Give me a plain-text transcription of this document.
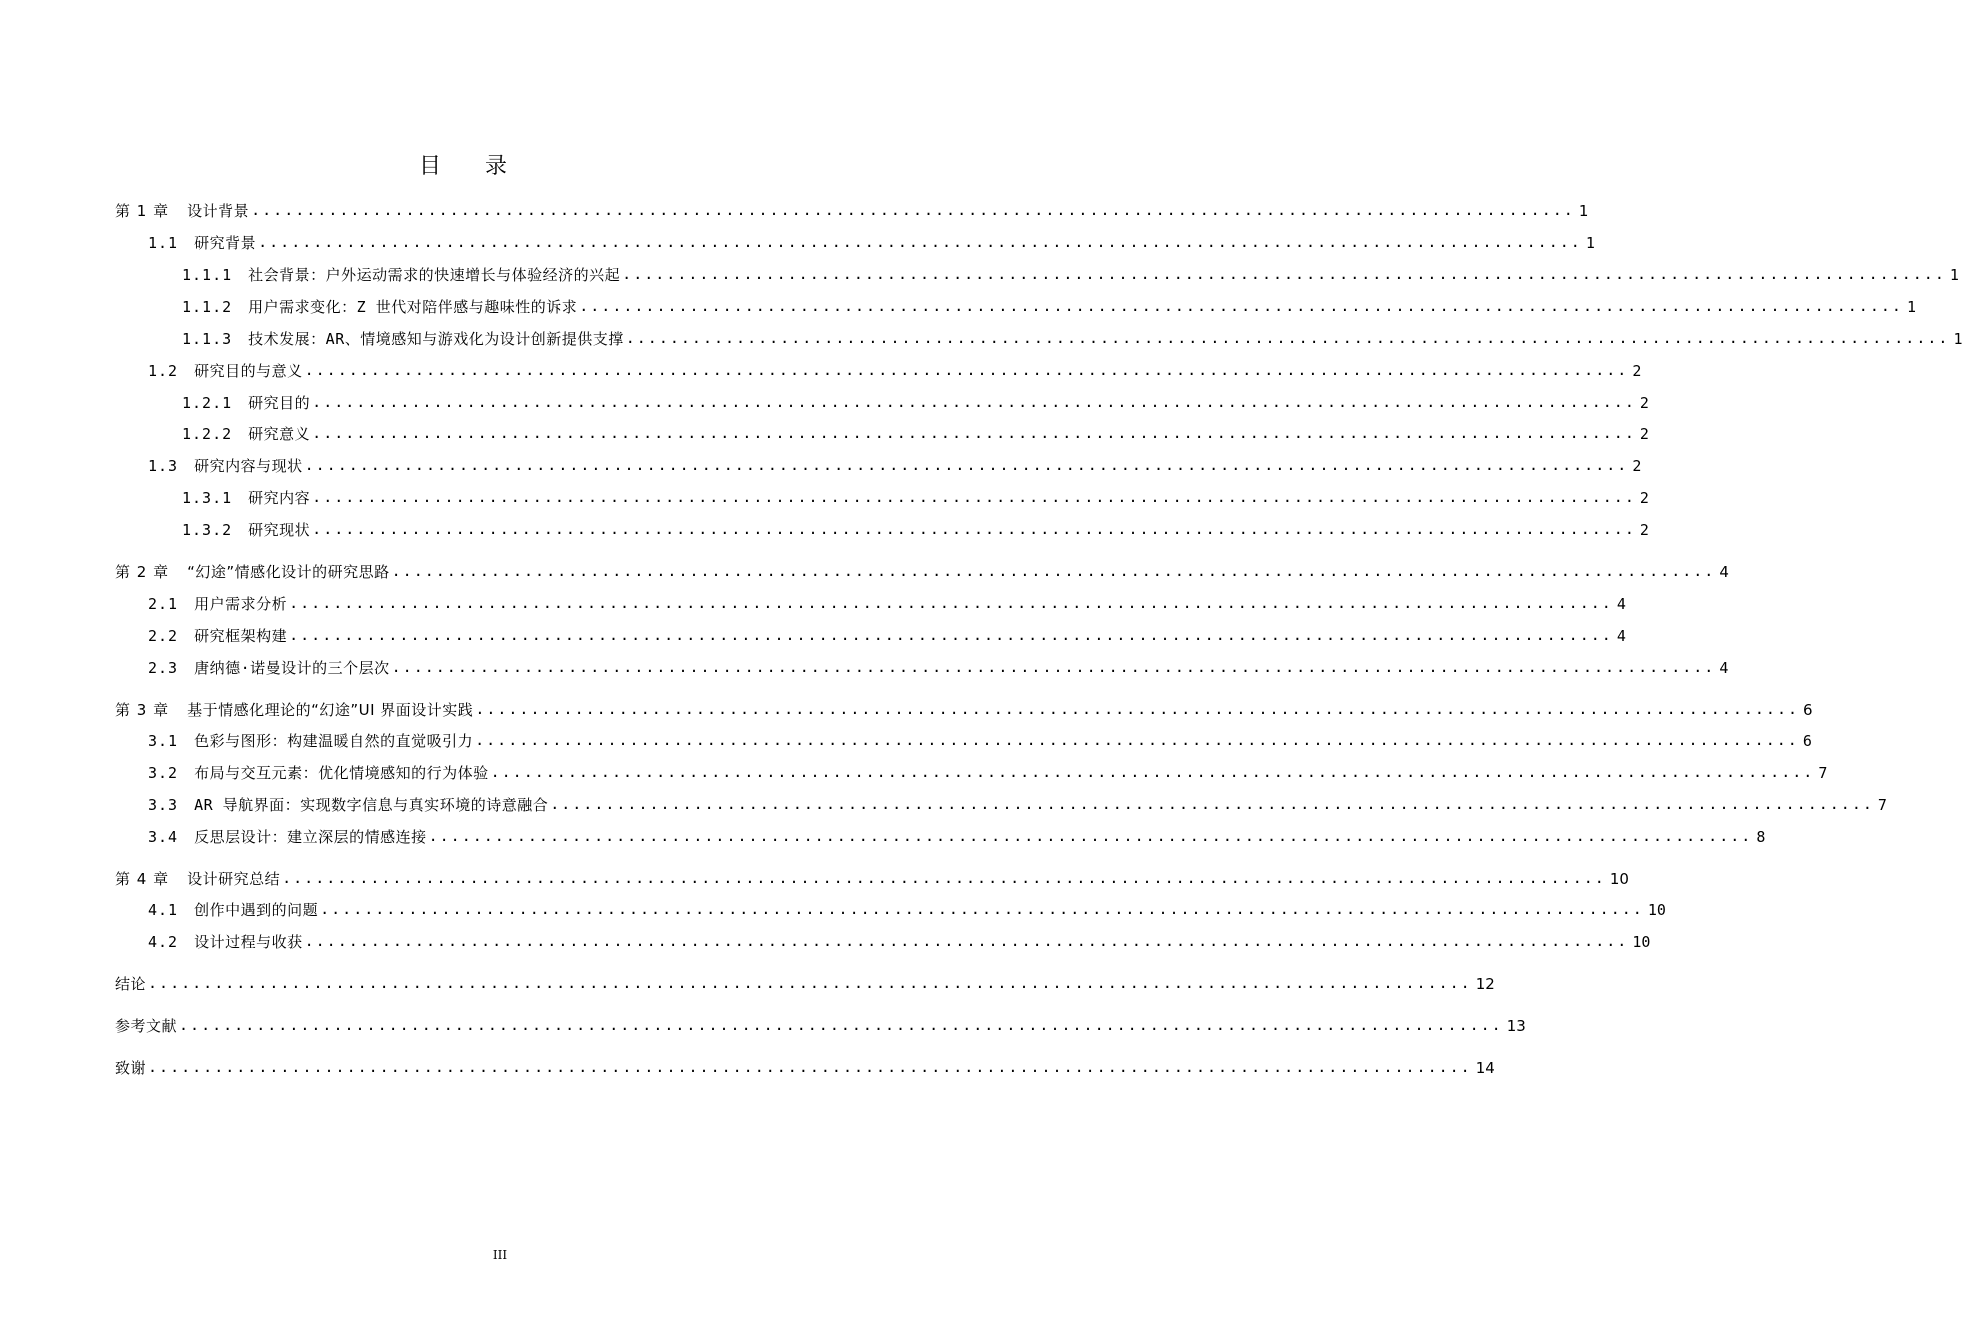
目录
第 1 章	设计背景 ........................................................................................................................ 1
1.1	研究背景 ........................................................................................................................ 1
1.1.1	社会背景：户外运动需求的快速增长与体验经济的兴起 ........................................................................................................................ 1
1.1.2	用户需求变化：Z 世代对陪伴感与趣味性的诉求 ........................................................................................................................ 1
1.1.3	技术发展：AR、情境感知与游戏化为设计创新提供支撑 ........................................................................................................................ 1
1.2	研究目的与意义 ........................................................................................................................ 2
1.2.1	研究目的 ........................................................................................................................ 2
1.2.2	研究意义 ........................................................................................................................ 2
1.3	研究内容与现状 ........................................................................................................................ 2
1.3.1	研究内容 ........................................................................................................................ 2
1.3.2	研究现状 ........................................................................................................................ 2
第 2 章	“幻途”情感化设计的研究思路 ........................................................................................................................ 4
2.1	用户需求分析 ........................................................................................................................ 4
2.2	研究框架构建 ........................................................................................................................ 4
2.3	唐纳德·诺曼设计的三个层次 ........................................................................................................................ 4
第 3 章	基于情感化理论的“幻途”UI 界面设计实践 ........................................................................................................................ 6
3.1	色彩与图形：构建温暖自然的直觉吸引力 ........................................................................................................................ 6
3.2	布局与交互元素：优化情境感知的行为体验 ........................................................................................................................ 7
3.3	AR 导航界面：实现数字信息与真实环境的诗意融合 ........................................................................................................................ 7
3.4	反思层设计：建立深层的情感连接 ........................................................................................................................ 8
第 4 章	设计研究总结 ........................................................................................................................ 10
4.1	创作中遇到的问题 ........................................................................................................................ 10
4.2	设计过程与收获 ........................................................................................................................ 10
结论 ........................................................................................................................ 12
参考文献 ........................................................................................................................ 13
致谢 ........................................................................................................................ 14
III
